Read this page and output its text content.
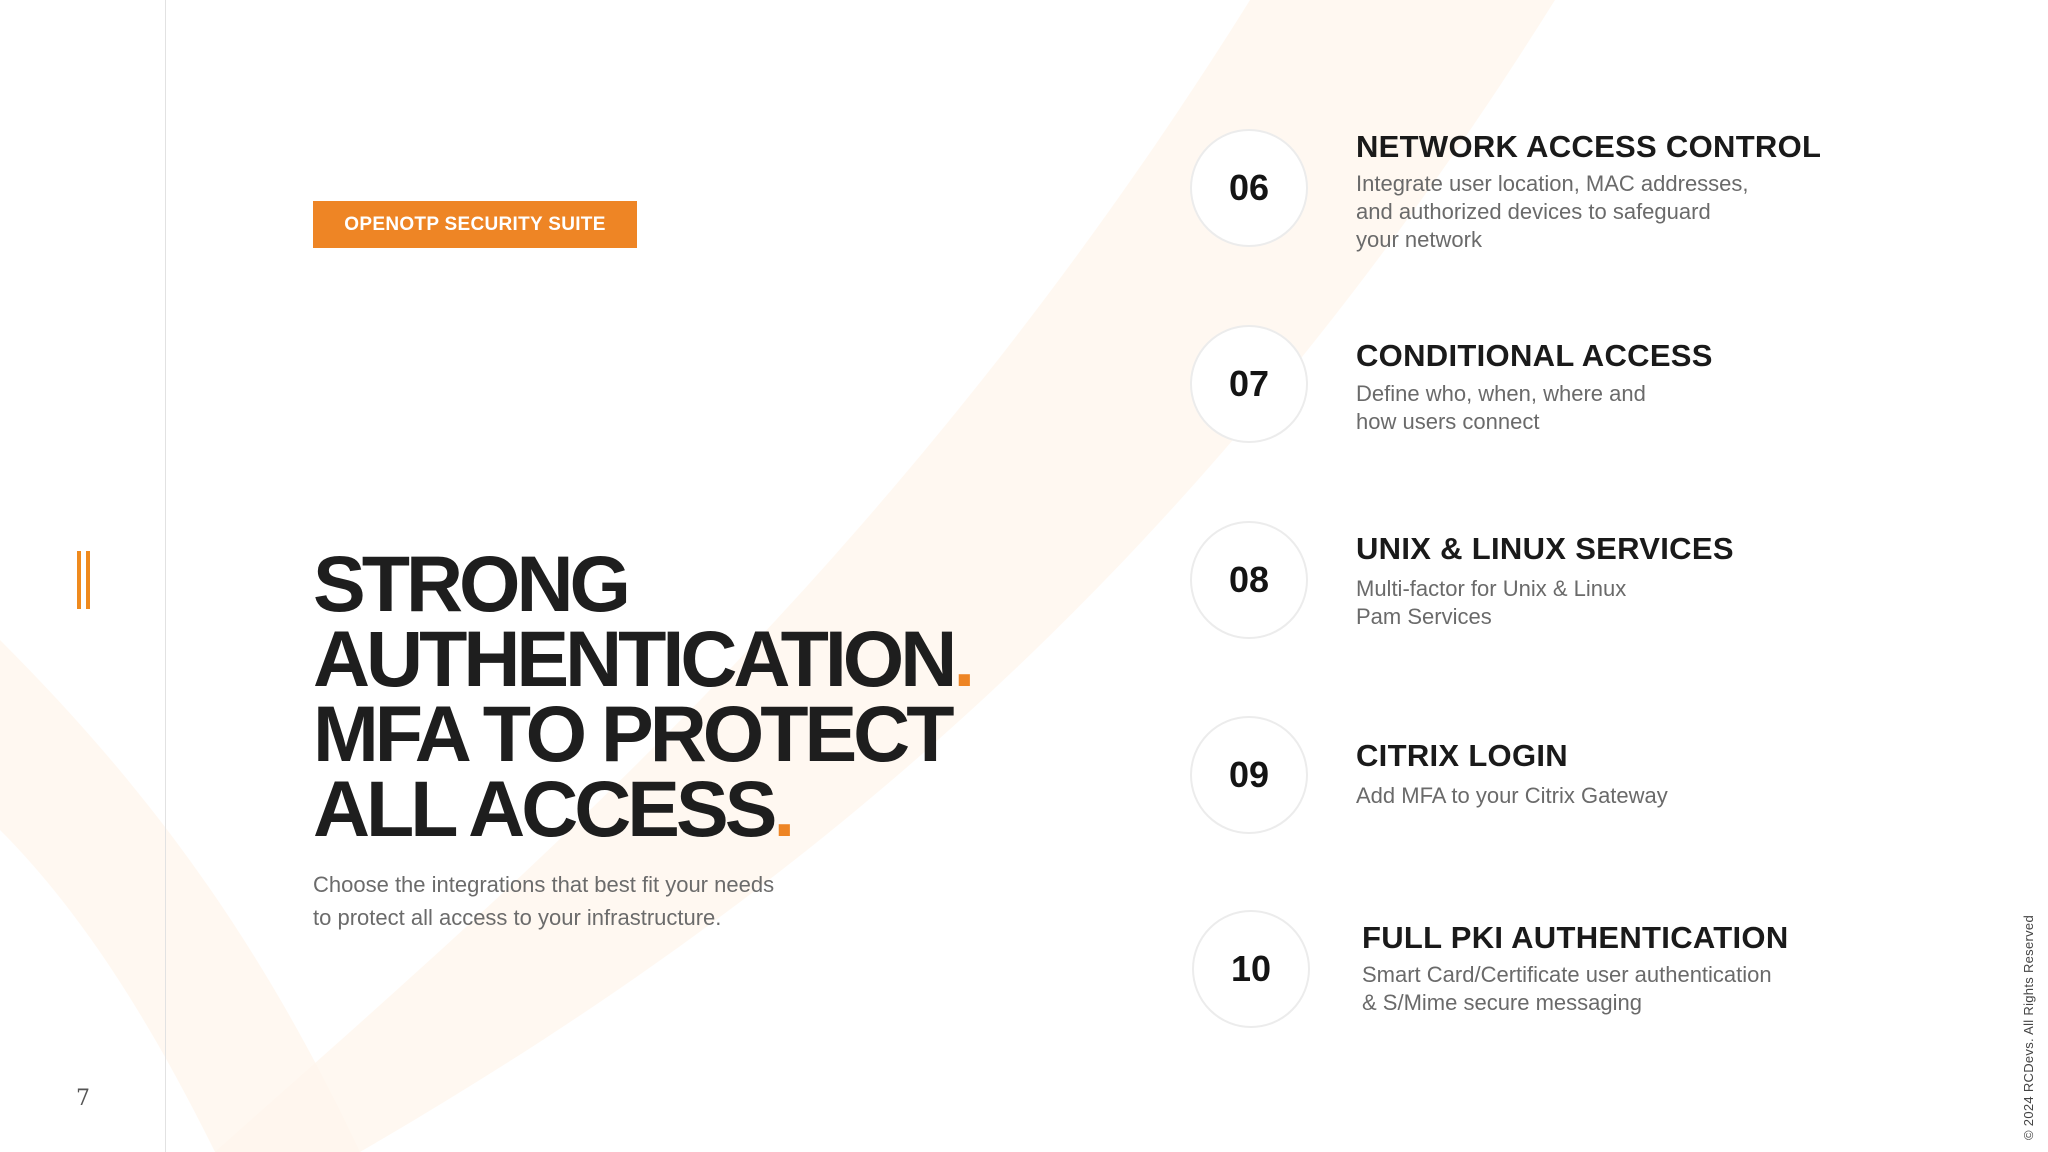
7	© 2024 RCDevs. All Rights Reserved
OPENOTP SECURITY SUITE
STRONG
AUTHENTICATION.
MFA TO PROTECT
ALL ACCESS.

Choose the integrations that best fit your needs
to protect all access to your infrastructure.

06
NETWORK ACCESS CONTROL

Integrate user location, MAC addresses,
and authorized devices to safeguard
your network

07
CONDITIONAL ACCESS

Define who, when, where and
how users connect

08
UNIX & LINUX SERVICES

Multi-factor for Unix & Linux
Pam Services

09	CITRIX LOGIN

Add MFA to your Citrix Gateway

10
FULL PKI AUTHENTICATION

Smart Card/Certificate user authentication
& S/Mime secure messaging
